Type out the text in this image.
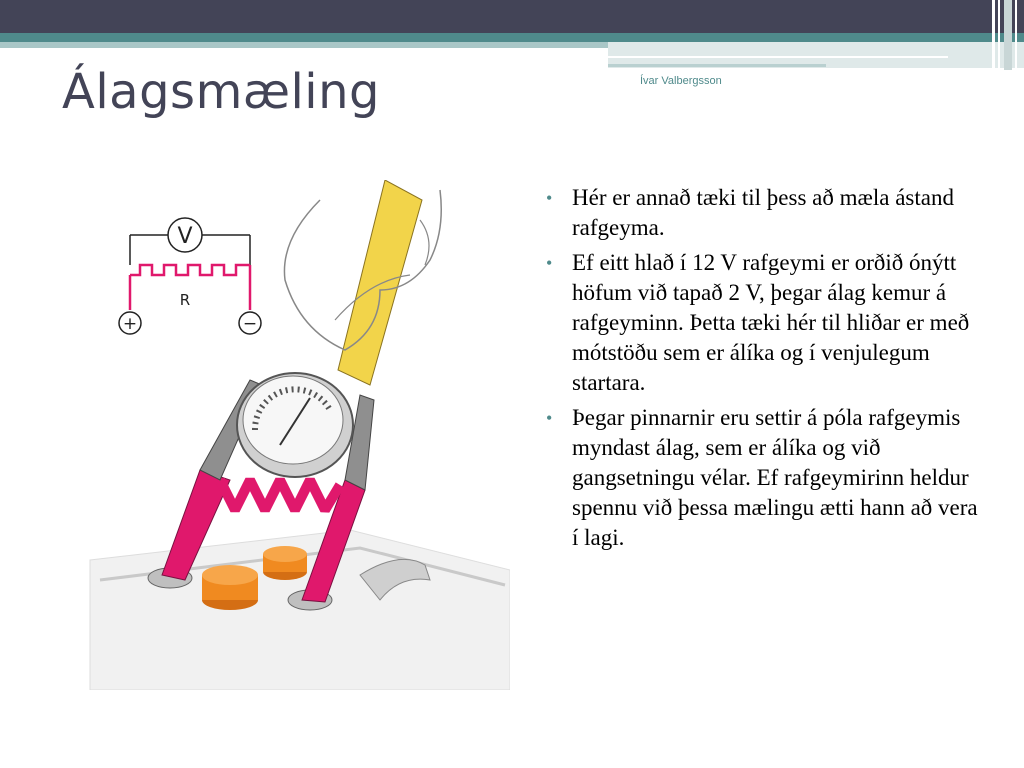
Álagsmæling	Ívar Valbergsson
V
R
+	−
• Hér er annað tæki til þess að mæla ástand rafgeyma.
• Ef eitt hlað í 12 V rafgeymi er orðið ónýtt höfum við tapað 2 V, þegar álag kemur á rafgeyminn. Þetta tæki hér til hliðar er með mótstöðu sem er álíka og í venjulegum startara.
• Þegar pinnarnir eru settir á póla rafgeymis myndast álag, sem er álíka og við gangsetningu vélar. Ef rafgeymirinn heldur spennu við þessa mælingu ætti hann að vera í lagi.
